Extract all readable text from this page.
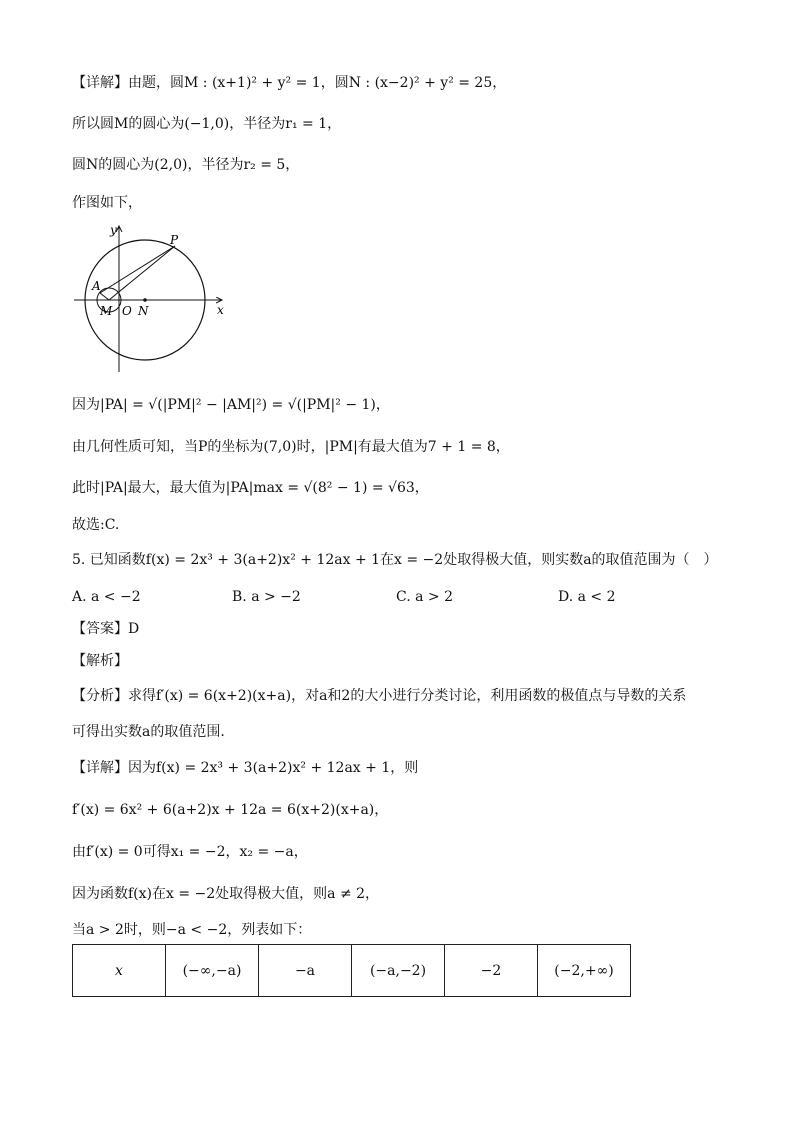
【详解】由题，圆M : (x+1)² + y² = 1，圆N : (x−2)² + y² = 25，
所以圆M的圆心为(−1,0)，半径为r₁ = 1，
圆N的圆心为(2,0)，半径为r₂ = 5，
作图如下，
y
x
P
A
M O N
因为|PA| = √(|PM|² − |AM|²) = √(|PM|² − 1)，
由几何性质可知，当P的坐标为(7,0)时，|PM|有最大值为7 + 1 = 8，
此时|PA|最大，最大值为|PA|max = √(8² − 1) = √63，
故选:C.
5. 已知函数f(x) = 2x³ + 3(a+2)x² + 12ax + 1在x = −2处取得极大值，则实数a的取值范围为（　）
A. a < −2	B. a > −2	C. a > 2	D. a < 2
【答案】D
【解析】
【分析】求得f′(x) = 6(x+2)(x+a)，对a和2的大小进行分类讨论，利用函数的极值点与导数的关系
可得出实数a的取值范围.
【详解】因为f(x) = 2x³ + 3(a+2)x² + 12ax + 1，则
f′(x) = 6x² + 6(a+2)x + 12a = 6(x+2)(x+a)，
由f′(x) = 0可得x₁ = −2，x₂ = −a，
因为函数f(x)在x = −2处取得极大值，则a ≠ 2，
当a > 2时，则−a < −2，列表如下：
x	(−∞,−a)	−a	(−a,−2)	−2	(−2,+∞)
